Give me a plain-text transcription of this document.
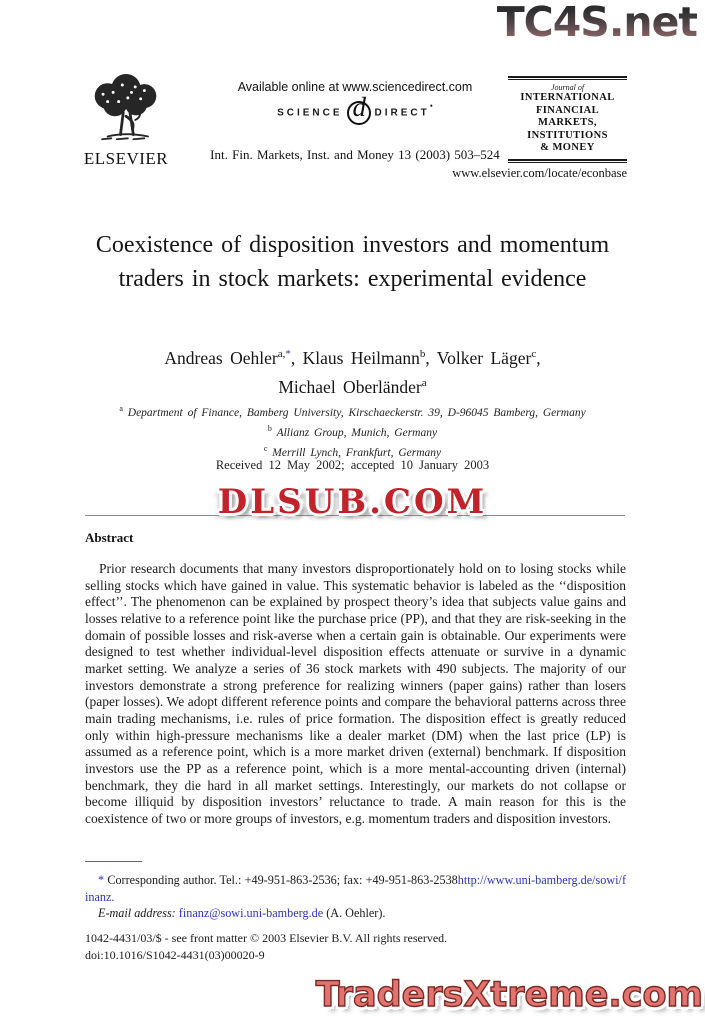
TC4S.net
ELSEVIER
Available online at www.sciencedirect.com
SCIENCE d DIRECT•
Int. Fin. Markets, Inst. and Money 13 (2003) 503–524
Journal of
INTERNATIONAL
FINANCIAL
MARKETS,
INSTITUTIONS
& MONEY
www.elsevier.com/locate/econbase
Coexistence of disposition investors and momentum traders in stock markets: experimental evidence
Andreas Oehler$^{a,*}$, Klaus Heilmann$^b$, Volker Läger$^c$,
Michael Oberländer$^a$
$^a$ Department of Finance, Bamberg University, Kirschaeckerstr. 39, D-96045 Bamberg, Germany
$^b$ Allianz Group, Munich, Germany
$^c$ Merrill Lynch, Frankfurt, Germany
Received 12 May 2002; accepted 10 January 2003
DLSUB.COM
Abstract

Prior research documents that many investors disproportionately hold on to losing stocks while selling stocks which have gained in value. This systematic behavior is labeled as the ‘‘disposition effect’’. The phenomenon can be explained by prospect theory’s idea that subjects value gains and losses relative to a reference point like the purchase price (PP), and that they are risk-seeking in the domain of possible losses and risk-averse when a certain gain is obtainable. Our experiments were designed to test whether individual-level disposition effects attenuate or survive in a dynamic market setting. We analyze a series of 36 stock markets with 490 subjects. The majority of our investors demonstrate a strong preference for realizing winners (paper gains) rather than losers (paper losses). We adopt different reference points and compare the behavioral patterns across three main trading mechanisms, i.e. rules of price formation. The disposition effect is greatly reduced only within high-pressure mechanisms like a dealer market (DM) when the last price (LP) is assumed as a reference point, which is a more market driven (external) benchmark. If disposition investors use the PP as a reference point, which is a more mental-accounting driven (internal) benchmark, they die hard in all market settings. Interestingly, our markets do not collapse or become illiquid by disposition investors’ reluctance to trade. A main reason for this is the coexistence of two or more groups of investors, e.g. momentum traders and disposition investors.

* Corresponding author. Tel.: +49-951-863-2536; fax: +49-951-863-2538http://www.uni-bamberg.de/sowi/finanz.

E-mail address: finanz@sowi.uni-bamberg.de (A. Oehler).

1042-4431/03/$ - see front matter © 2003 Elsevier B.V. All rights reserved.
doi:10.1016/S1042-4431(03)00020-9
TradersXtreme.com
